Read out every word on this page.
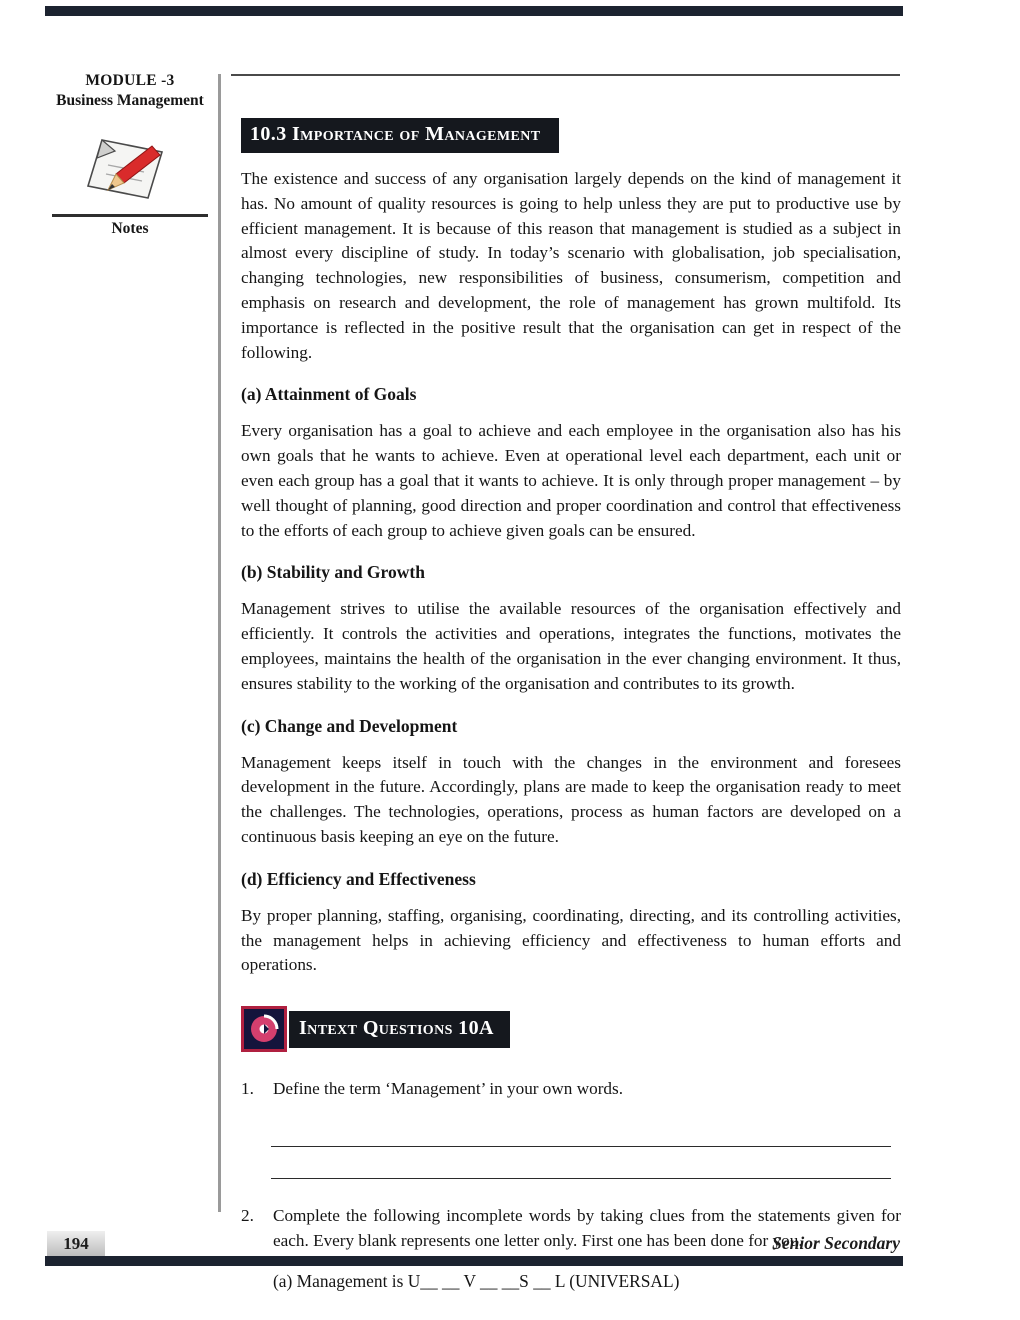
MODULE -3
Business Management
Notes
10.3 Importance of Management

The existence and success of any organisation largely depends on the kind of management it has. No amount of quality resources is going to help unless they are put to productive use by efficient management. It is because of this reason that management is studied as a subject in almost every discipline of study. In today’s scenario with globalisation, job specialisation, changing technologies, new responsibilities of business, consumerism, competition and emphasis on research and development, the role of management has grown multifold. Its importance is reflected in the positive result that the organisation can get in respect of the following.

(a) Attainment of Goals

Every organisation has a goal to achieve and each employee in the organisation also has his own goals that he wants to achieve. Even at operational level each department, each unit or even each group has a goal that it wants to achieve. It is only through proper management – by well thought of planning, good direction and proper coordination and control that effectiveness to the efforts of each group to achieve given goals can be ensured.

(b) Stability and Growth

Management strives to utilise the available resources of the organisation effectively and efficiently. It controls the activities and operations, integrates the functions, motivates the employees, maintains the health of the organisation in the ever changing environment. It thus, ensures stability to the working of the organisation and contributes to its growth.

(c) Change and Development

Management keeps itself in touch with the changes in the environment and foresees development in the future. Accordingly, plans are made to keep the organisation ready to meet the challenges. The technologies, operations, process as human factors are developed on a continuous basis keeping an eye on the future.

(d) Efficiency and Effectiveness

By proper planning, staffing, organising, coordinating, directing, and its controlling activities, the management helps in achieving efficiency and effectiveness to human efforts and operations.

Intext Questions 10A
1.	Define the term ‘Management’ in your own words.
2.	Complete the following incomplete words by taking clues from the statements given for each. Every blank represents one letter only. First one has been done for you.
(a) Management is U__ __ V __ __S __ L (UNIVERSAL)
194	Senior Secondary
